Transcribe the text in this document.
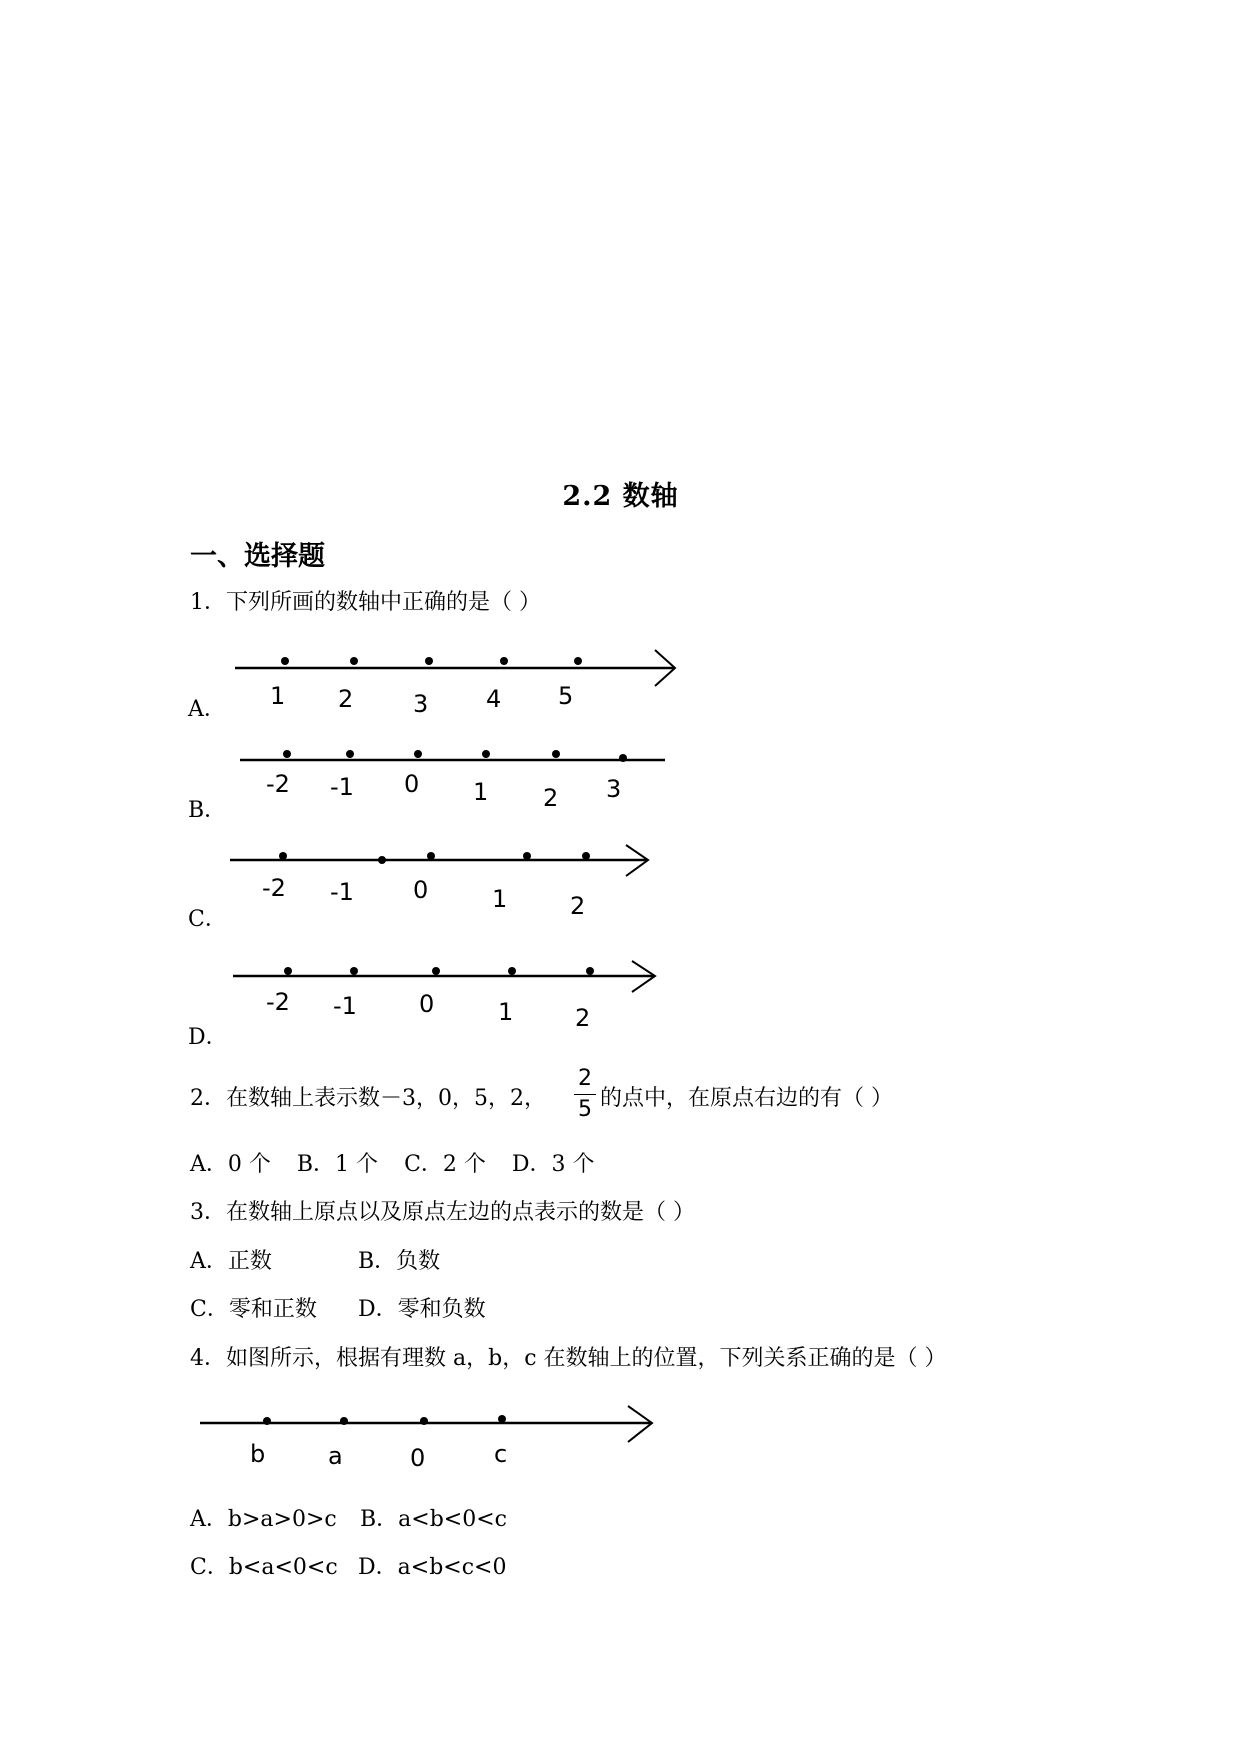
2.2 数轴
一、选择题
1．下列所画的数轴中正确的是（ ）
A． 1 2 3 4 5
-2 -1 0 1 2 3
-2 -1 0	1	2
-2 -1	0	1	2
b	a	0	c
B．
C．
D．
2．在数轴上表示数－3，0，5，2，
2
5 的点中，在原点右边的有（ ）
A．0 个 B．1 个 C．2 个 D．3 个
3．在数轴上原点以及原点左边的点表示的数是（ ）
A．正数	B．负数
C．零和正数 D．零和负数
4．如图所示，根据有理数 a，b，c 在数轴上的位置，下列关系正确的是（ ）
A．b>a>0>c B．a<b<0<c
C．b<a<0<c D．a<b<c<0
